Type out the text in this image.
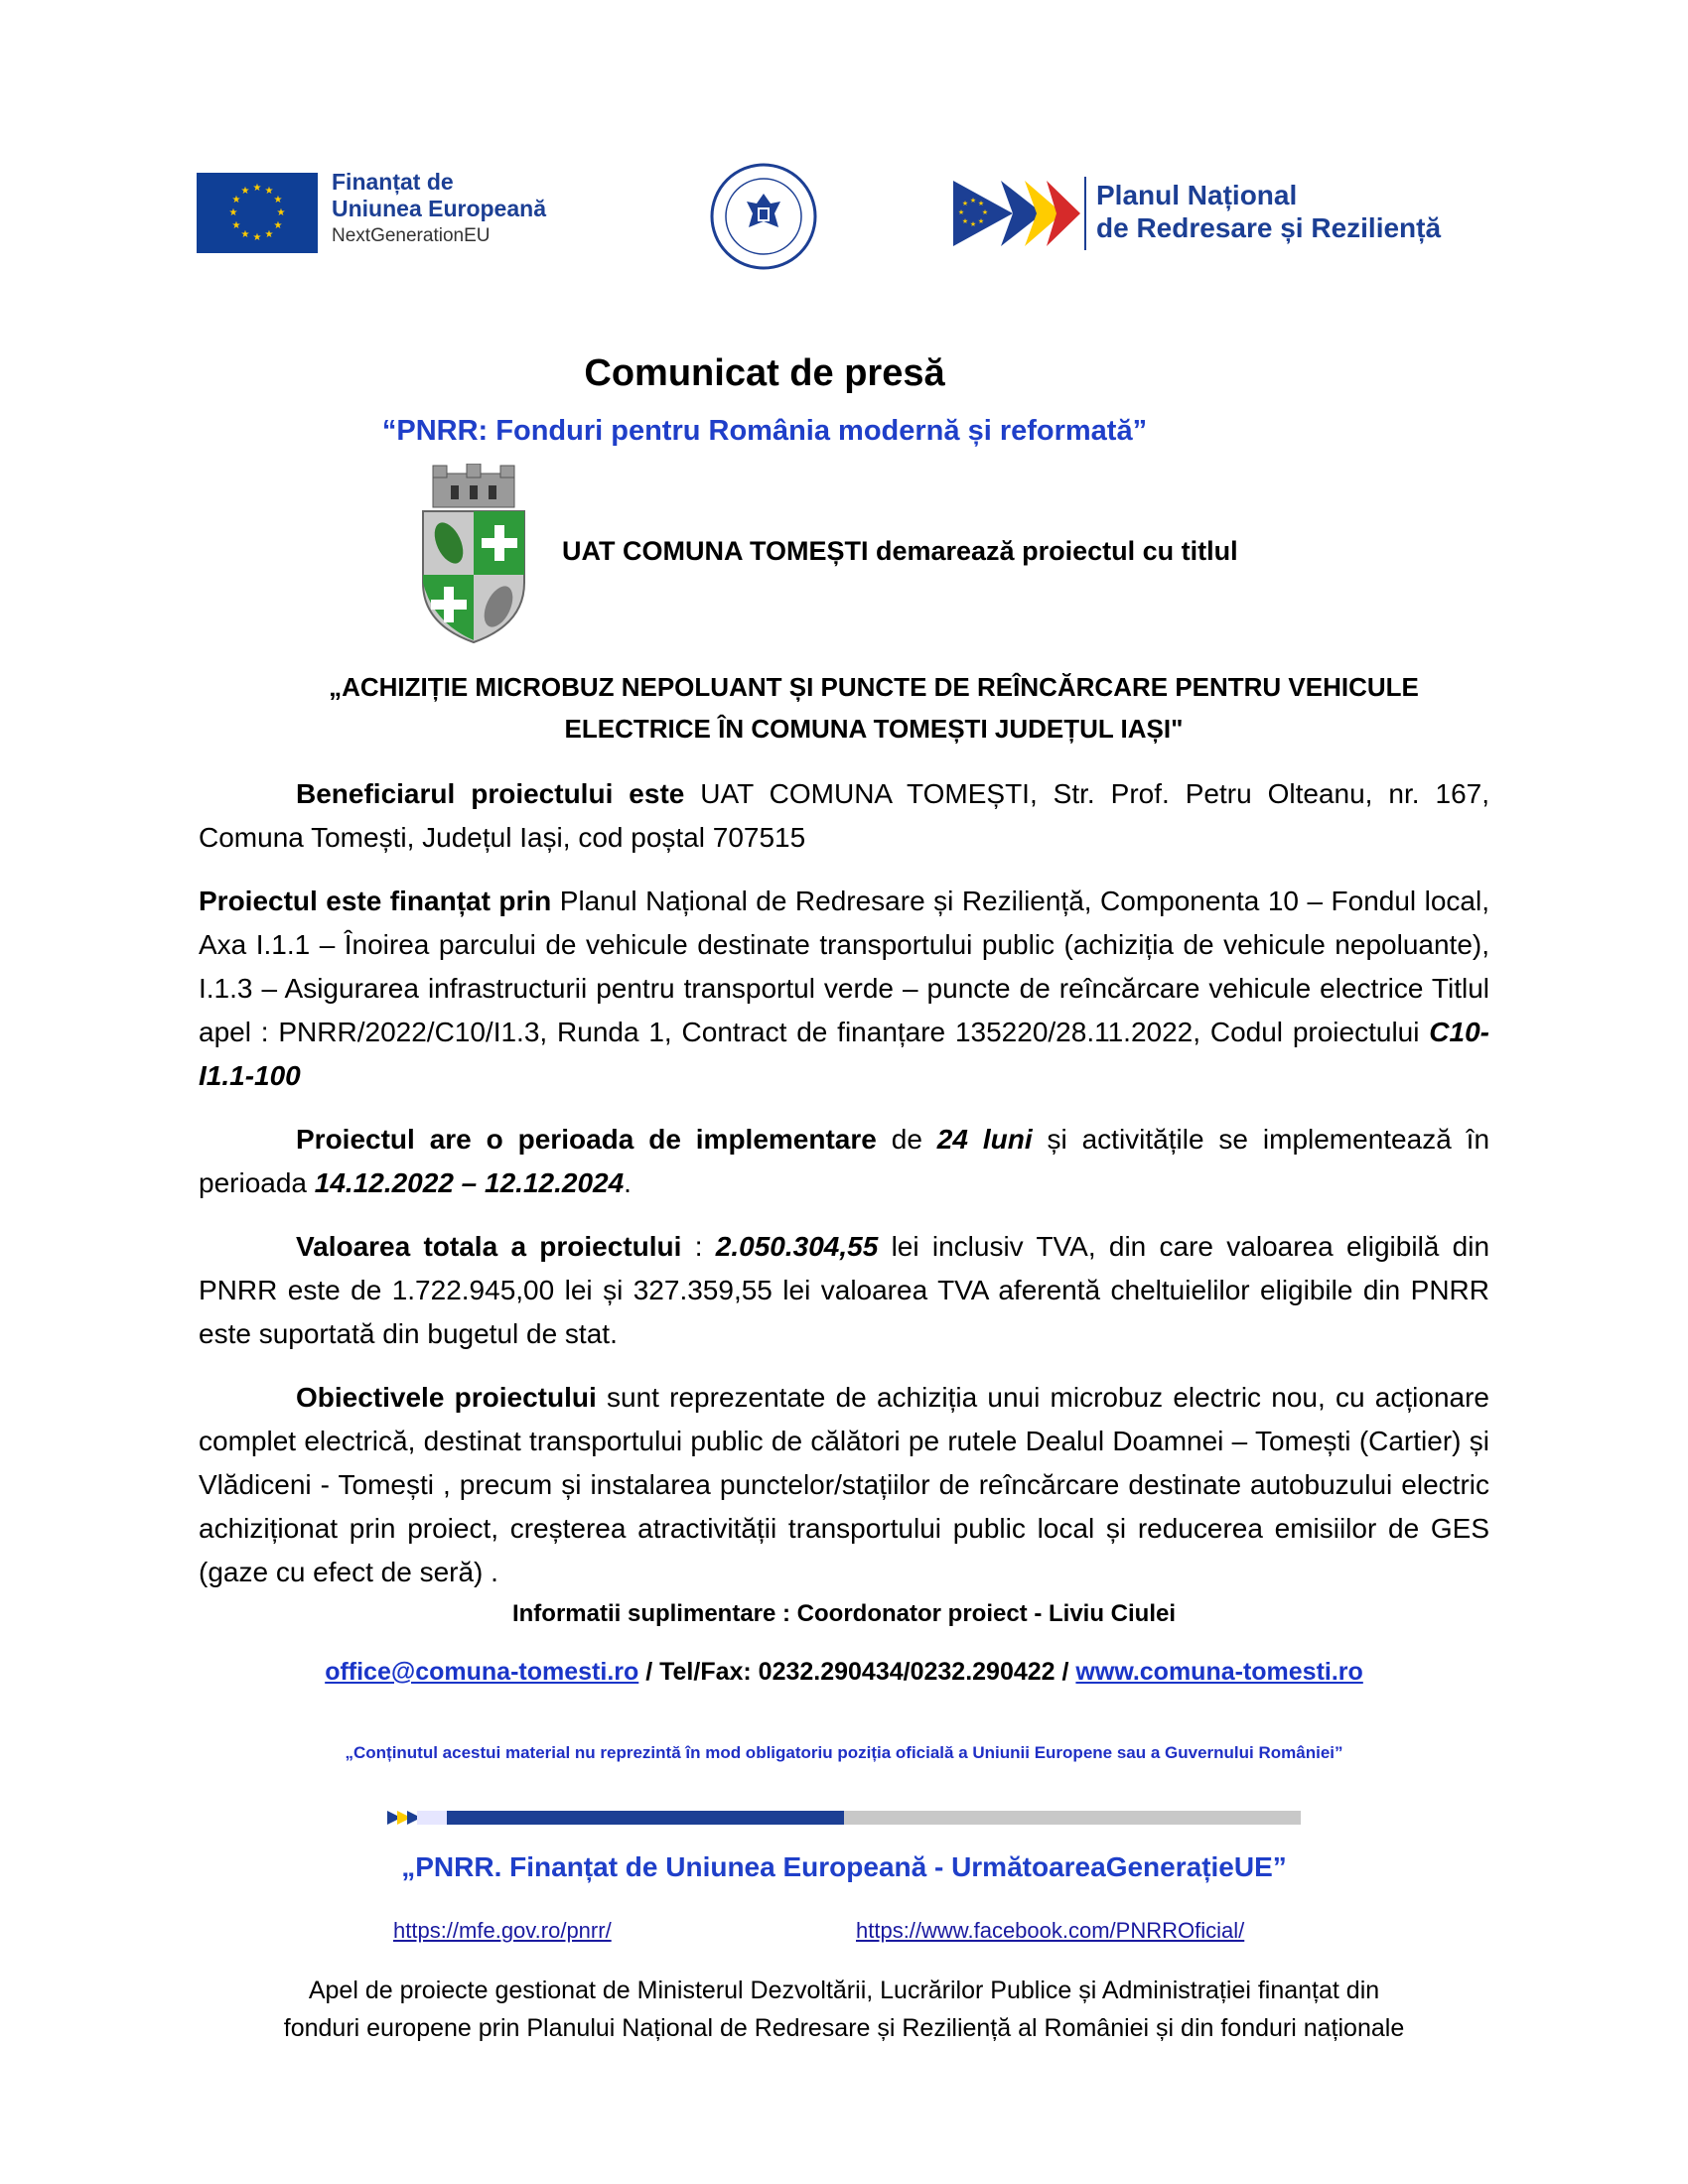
★ ★
★
★
★
★
★
★
★
★
★
★	Finanțat de
Uniunea Europeană
NextGenerationEU
★ ★
★
★
★
★
★
★	Planul Național
de Redresare și Reziliență
Comunicat de presă
“PNRR: Fonduri pentru România modernă și reformată”
UAT COMUNA TOMEȘTI demarează proiectul cu titlul
„ACHIZIȚIE MICROBUZ NEPOLUANT ȘI PUNCTE DE REÎNCĂRCARE PENTRU VEHICULE
ELECTRICE ÎN COMUNA TOMEȘTI JUDEȚUL IAȘI"
Beneficiarul proiectului este UAT COMUNA TOMEȘTI, Str. Prof. Petru Olteanu, nr. 167, Comuna Tomești, Județul Iași, cod poștal 707515
Proiectul este finanțat prin Planul Național de Redresare și Reziliență, Componenta 10 – Fondul local, Axa I.1.1 – Înoirea parcului de vehicule destinate transportului public (achiziția de vehicule nepoluante), I.1.3 – Asigurarea infrastructurii pentru transportul verde – puncte de reîncărcare vehicule electrice Titlul apel : PNRR/2022/C10/I1.3, Runda 1, Contract de finanțare 135220/28.11.2022, Codul proiectului C10-I1.1-100
Proiectul are o perioada de implementare de 24 luni și activitățile se implementează în perioada 14.12.2022 – 12.12.2024.
Valoarea totala a proiectului : 2.050.304,55 lei inclusiv TVA, din care valoarea eligibilă din PNRR este de 1.722.945,00 lei și 327.359,55 lei valoarea TVA aferentă cheltuielilor eligibile din PNRR este suportată din bugetul de stat.
Obiectivele proiectului sunt reprezentate de achiziția unui microbuz electric nou, cu acționare complet electrică, destinat transportului public de călători pe rutele Dealul Doamnei – Tomești (Cartier) și Vlădiceni - Tomești , precum și instalarea punctelor/stațiilor de reîncărcare destinate autobuzului electric achiziționat prin proiect, creșterea atractivității transportului public local și reducerea emisiilor de GES (gaze cu efect de seră) .
Informatii suplimentare : Coordonator proiect - Liviu Ciulei
office@comuna-tomesti.ro / Tel/Fax: 0232.290434/0232.290422 / www.comuna-tomesti.ro
„Conținutul acestui material nu reprezintă în mod obligatoriu poziția oficială a Uniunii Europene sau a Guvernului României”
„PNRR. Finanțat de Uniunea Europeană - UrmătoareaGenerațieUE”
https://mfe.gov.ro/pnrr/	https://www.facebook.com/PNRROficial/
Apel de proiecte gestionat de Ministerul Dezvoltării, Lucrărilor Publice și Administrației finanțat din
fonduri europene prin Planului Național de Redresare și Reziliență al României și din fonduri naționale
